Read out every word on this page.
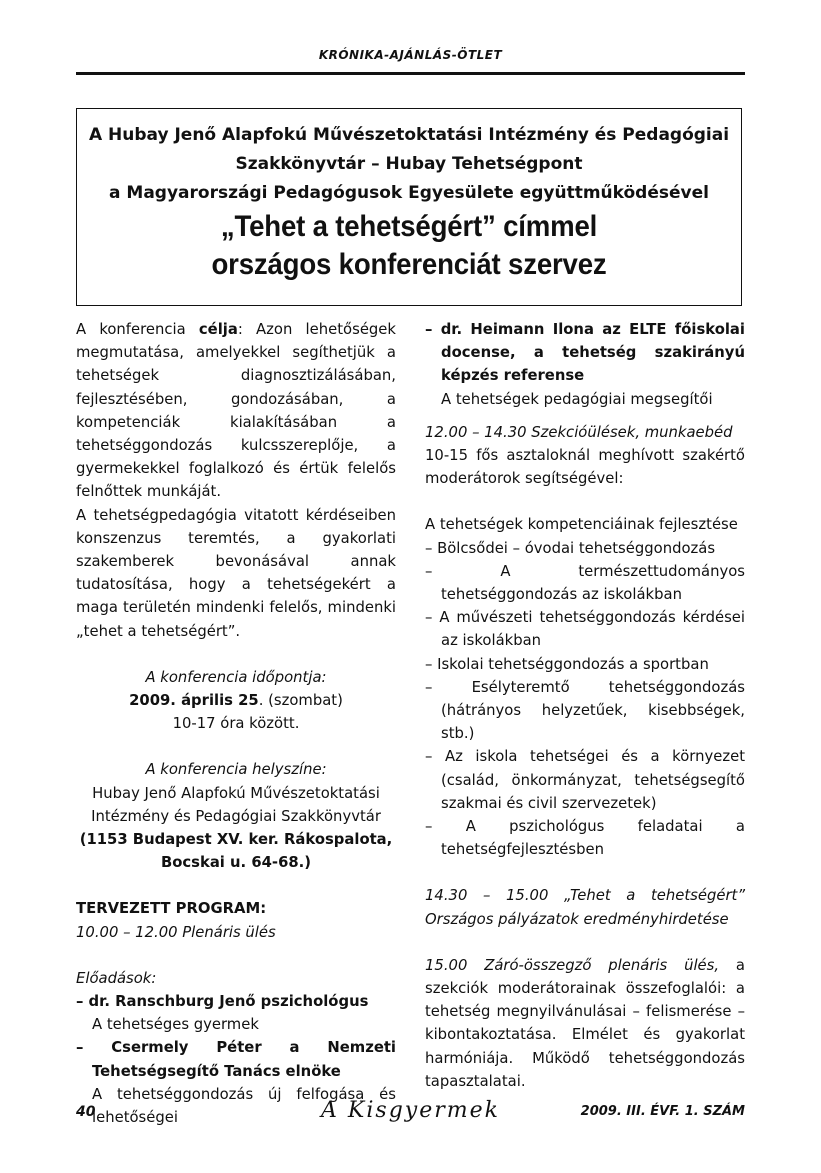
KRÓNIKA-AJÁNLÁS-ÖTLET
A Hubay Jenő Alapfokú Művészetoktatási Intézmény és Pedagógiai
Szakkönyvtár – Hubay Tehetségpont
a Magyarországi Pedagógusok Egyesülete együttműködésével
„Tehet a tehetségért” címmel
országos konferenciát szervez

A konferencia célja: Azon lehetőségek megmutatása, amelyekkel segíthetjük a tehetségek diagnosztizálásában, fejlesztésében, gondozásában, a kompetenciák kialakításában a tehetséggondozás kulcsszereplője, a gyermekekkel foglalkozó és értük felelős felnőttek munkáját.

A tehetségpedagógia vitatott kérdéseiben konszenzus teremtés, a gyakorlati szakemberek bevonásával annak tudatosítása, hogy a tehetségekért a maga területén mindenki felelős, mindenki „tehet a tehetségért”.

A konferencia időpontja:

2009. április 25. (szombat)

10-17 óra között.

A konferencia helyszíne:

Hubay Jenő Alapfokú Művészetoktatási

Intézmény és Pedagógiai Szakkönyvtár

(1153 Budapest XV. ker. Rákospalota,

Bocskai u. 64-68.)

TERVEZETT PROGRAM:

10.00 – 12.00 Plenáris ülés

Előadások:

– dr. Ranschburg Jenő pszichológus

A tehetséges gyermek

– Csermely Péter a Nemzeti Tehetségsegítő Tanács elnöke

A tehetséggondozás új felfogása és lehetőségei

– dr. Heimann Ilona az ELTE főiskolai docense, a tehetség szakirányú képzés referense

A tehetségek pedagógiai megsegítői

12.00 – 14.30 Szekcióülések, munkaebéd

10-15 fős asztaloknál meghívott szakértő moderátorok segítségével:

A tehetségek kompetenciáinak fejlesztése

– Bölcsődei – óvodai tehetséggondozás

– A természettudományos tehetséggondozás az iskolákban

– A művészeti tehetséggondozás kérdései az iskolákban

– Iskolai tehetséggondozás a sportban

– Esélyteremtő tehetséggondozás (hátrányos helyzetűek, kisebbségek, stb.)

– Az iskola tehetségei és a környezet (család, önkormányzat, tehetségsegítő szakmai és civil szervezetek)

– A pszichológus feladatai a tehetségfejlesztésben

14.30 – 15.00 „Tehet a tehetségért” Országos pályázatok eredményhirdetése

15.00 Záró-összegző plenáris ülés, a szekciók moderátorainak összefoglalói: a tehetség megnyilvánulásai – felismerése – kibontakoztatása. Elmélet és gyakorlat harmóniája. Működő tehetséggondozás tapasztalatai.

40	A Kisgyermek	2009. III. ÉVF. 1. SZÁM
